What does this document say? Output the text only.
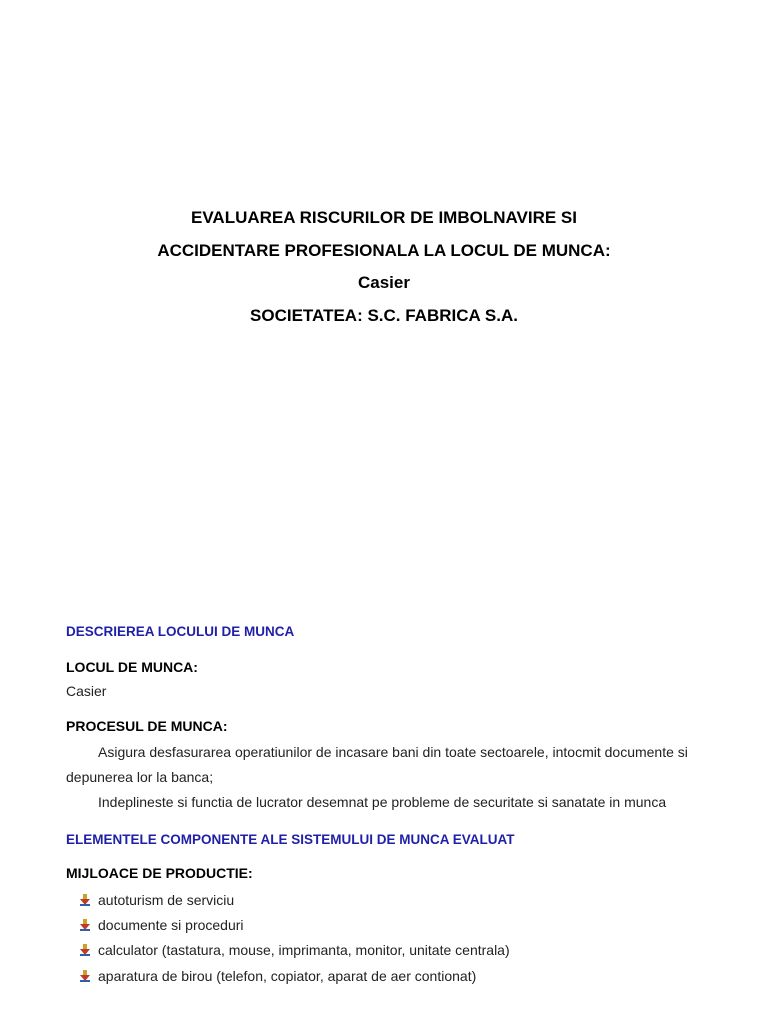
EVALUAREA RISCURILOR DE IMBOLNAVIRE SI
ACCIDENTARE PROFESIONALA LA LOCUL DE MUNCA:
Casier
SOCIETATEA: S.C. FABRICA S.A.
DESCRIEREA LOCULUI DE MUNCA
LOCUL DE MUNCA:
Casier
PROCESUL DE MUNCA:

Asigura desfasurarea operatiunilor de incasare bani din toate sectoarele, intocmit documente si depunerea lor la banca;

Indeplineste si functia de lucrator desemnat pe probleme de securitate si sanatate in munca

ELEMENTELE COMPONENTE ALE SISTEMULUI DE MUNCA EVALUAT
MIJLOACE DE PRODUCTIE:
autoturism de serviciu
documente si proceduri
calculator (tastatura, mouse, imprimanta, monitor, unitate centrala)
aparatura de birou (telefon, copiator, aparat de aer contionat)
